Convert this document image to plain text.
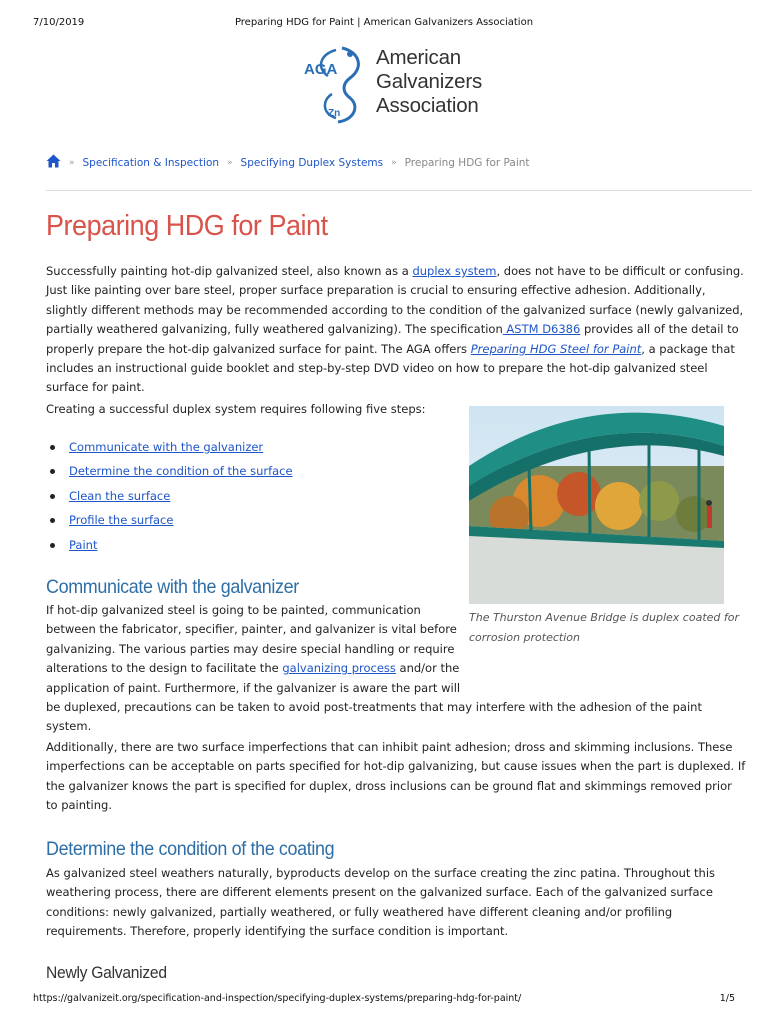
7/10/2019	Preparing HDG for Paint | American Galvanizers Association
AGA
Zn
American
Galvanizers
Association
» Specification & Inspection » Specifying Duplex Systems » Preparing HDG for Paint
Preparing HDG for Paint

Successfully painting hot-dip galvanized steel, also known as a duplex system, does not have to be difficult or confusing. Just like painting over bare steel, proper surface preparation is crucial to ensuring effective adhesion. Additionally, slightly different methods may be recommended according to the condition of the galvanized surface (newly galvanized, partially weathered galvanizing, fully weathered galvanizing). The specification ASTM D6386 provides all of the detail to properly prepare the hot-dip galvanized surface for paint. The AGA offers Preparing HDG Steel for Paint, a package that includes an instructional guide booklet and step-by-step DVD video on how to prepare the hot-dip galvanized steel surface for paint.

Creating a successful duplex system requires following five steps:

Communicate with the galvanizer
Determine the condition of the surface
Clean the surface
Profile the surface
Paint

The Thurston Avenue Bridge is duplex coated for corrosion protection

Communicate with the galvanizer
If hot-dip galvanized steel is going to be painted, communication
between the fabricator, specifier, painter, and galvanizer is vital before
galvanizing. The various parties may desire special handling or require
alterations to the design to facilitate the galvanizing process and/or the
application of paint. Furthermore, if the galvanizer is aware the part will
be duplexed, precautions can be taken to avoid post-treatments that may interfere with the adhesion of the paint system.

Additionally, there are two surface imperfections that can inhibit paint adhesion; dross and skimming inclusions. These imperfections can be acceptable on parts specified for hot-dip galvanizing, but cause issues when the part is duplexed. If the galvanizer knows the part is specified for duplex, dross inclusions can be ground flat and skimmings removed prior to painting.

Determine the condition of the coating

As galvanized steel weathers naturally, byproducts develop on the surface creating the zinc patina. Throughout this weathering process, there are different elements present on the galvanized surface. Each of the galvanized surface conditions: newly galvanized, partially weathered, or fully weathered have different cleaning and/or profiling requirements. Therefore, properly identifying the surface condition is important.

Newly Galvanized
https://galvanizeit.org/specification-and-inspection/specifying-duplex-systems/preparing-hdg-for-paint/	1/5
